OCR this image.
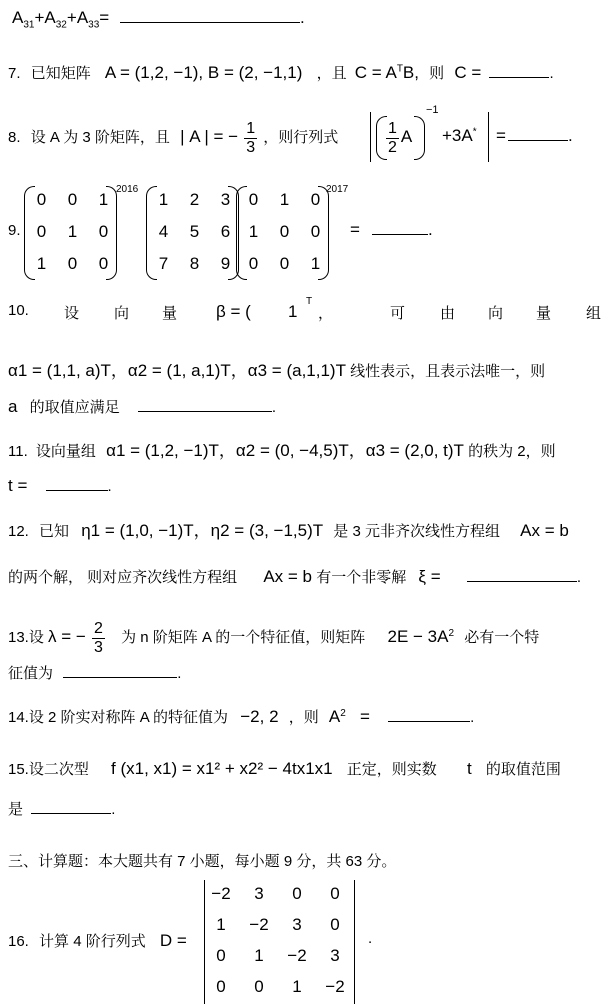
$A_{31}+A_{32}+A_{33}=$	.
7. 已知矩阵 A = (1,2, −1), B = (2, −1,1) ，且 $C = A^TB$, 则 C =	.
8. 设 A 为 3 阶矩阵，且 | A | = − $\frac{1}{3}$ ，则行列式	$\frac{1}{2}$ A
−1
+3A* =	.
9.
0	0	1
0	1	0
1	0	0
2016
1	2	3
4	5	6
7	8	9
0	1	0
1	0	0
0	0	1
2017
=	.
10. 设 向 量 β = ( 1
T
，	可 由 向 量 组
α1 = (1,1, a)T，α2 = (1, a,1)T，α3 = (a,1,1)T 线性表示，且表示法唯一，则
a 的取值应满足	.
11. 设向量组 α1 = (1,2, −1)T，α2 = (0, −4,5)T，α3 = (2,0, t)T 的秩为 2，则
t =	.
12. 已知 η1 = (1,0, −1)T，η2 = (3, −1,5)T 是 3 元非齐次线性方程组 Ax = b
的两个解， 则对应齐次线性方程组 Ax = b 有一个非零解 ξ =	.
13.设 λ = − $\frac{2}{3}$ 为 n 阶矩阵 A 的一个特征值，则矩阵 $2E - 3A^2$ 必有一个特
征值为	.
14.设 2 阶实对称阵 A 的特征值为 −2, 2 ，则 $A^2$ =	.
15.设二次型 f (x1, x1) = x1² + x2² − 4tx1x1 正定，则实数 t 的取值范围
是	.
三、计算题：本大题共有 7 小题，每小题 9 分，共 63 分。
16. 计算 4 阶行列式 D =
−2	3	0	0
1	−2	3	0
0	1	−2	3
0	0	1	−2
.
